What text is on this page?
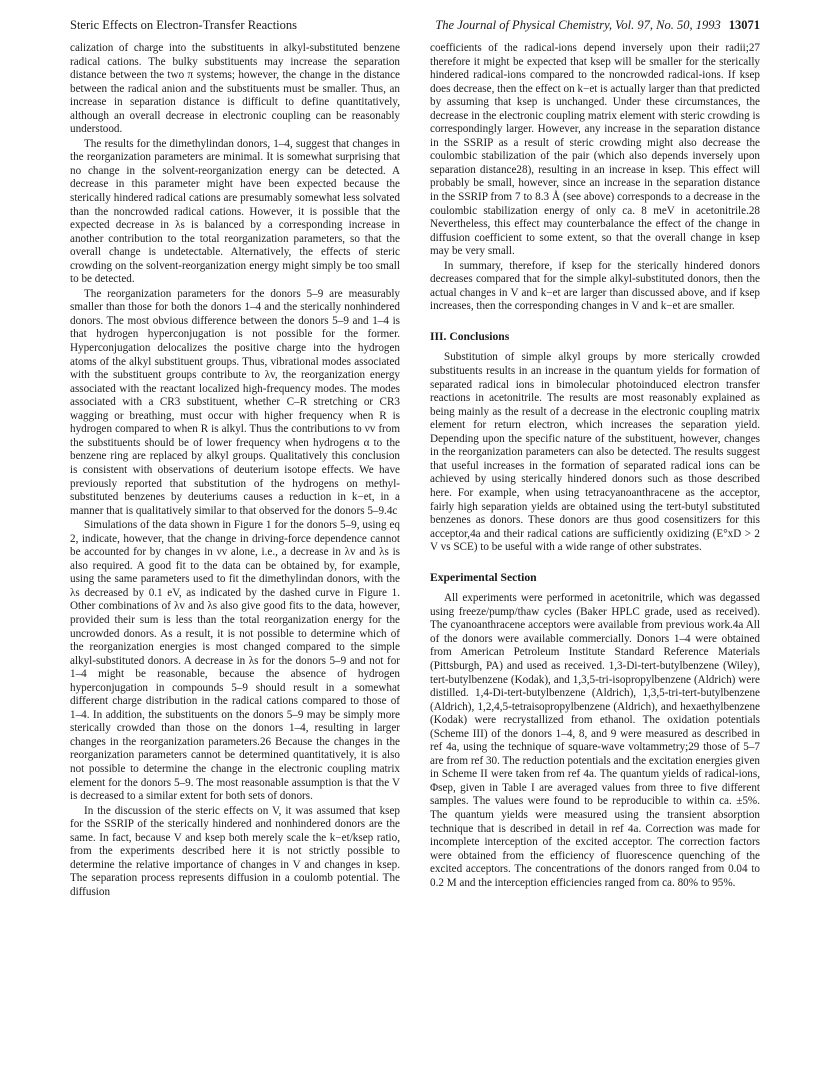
Steric Effects on Electron-Transfer Reactions	The Journal of Physical Chemistry, Vol. 97, No. 50, 1993 13071

calization of charge into the substituents in alkyl-substituted benzene radical cations. The bulky substituents may increase the separation distance between the two π systems; however, the change in the distance between the radical anion and the substituents must be smaller. Thus, an increase in separation distance is difficult to define quantitatively, although an overall decrease in electronic coupling can be reasonably understood.

The results for the dimethylindan donors, 1–4, suggest that changes in the reorganization parameters are minimal. It is somewhat surprising that no change in the solvent-reorganization energy can be detected. A decrease in this parameter might have been expected because the sterically hindered radical cations are presumably somewhat less solvated than the noncrowded radical cations. However, it is possible that the expected decrease in λs is balanced by a corresponding increase in another contribution to the total reorganization parameters, so that the overall change is undetectable. Alternatively, the effects of steric crowding on the solvent-reorganization energy might simply be too small to be detected.

The reorganization parameters for the donors 5–9 are measurably smaller than those for both the donors 1–4 and the sterically nonhindered donors. The most obvious difference between the donors 5–9 and 1–4 is that hydrogen hyperconjugation is not possible for the former. Hyperconjugation delocalizes the positive charge into the hydrogen atoms of the alkyl substituent groups. Thus, vibrational modes associated with the substituent groups contribute to λv, the reorganization energy associated with the reactant localized high-frequency modes. The modes associated with a CR3 substituent, whether C–R stretching or CR3 wagging or breathing, must occur with higher frequency when R is hydrogen compared to when R is alkyl. Thus the contributions to νv from the substituents should be of lower frequency when hydrogens α to the benzene ring are replaced by alkyl groups. Qualitatively this conclusion is consistent with observations of deuterium isotope effects. We have previously reported that substitution of the hydrogens on methyl-substituted benzenes by deuteriums causes a reduction in k−et, in a manner that is qualitatively similar to that observed for the donors 5–9.4c

Simulations of the data shown in Figure 1 for the donors 5–9, using eq 2, indicate, however, that the change in driving-force dependence cannot be accounted for by changes in νv alone, i.e., a decrease in λv and λs is also required. A good fit to the data can be obtained by, for example, using the same parameters used to fit the dimethylindan donors, with the λs decreased by 0.1 eV, as indicated by the dashed curve in Figure 1. Other combinations of λv and λs also give good fits to the data, however, provided their sum is less than the total reorganization energy for the uncrowded donors. As a result, it is not possible to determine which of the reorganization energies is most changed compared to the simple alkyl-substituted donors. A decrease in λs for the donors 5–9 and not for 1–4 might be reasonable, because the absence of hydrogen hyperconjugation in compounds 5–9 should result in a somewhat different charge distribution in the radical cations compared to those of 1–4. In addition, the substituents on the donors 5–9 may be simply more sterically crowded than those on the donors 1–4, resulting in larger changes in the reorganization parameters.26 Because the changes in the reorganization parameters cannot be determined quantitatively, it is also not possible to determine the change in the electronic coupling matrix element for the donors 5–9. The most reasonable assumption is that the V is decreased to a similar extent for both sets of donors.

In the discussion of the steric effects on V, it was assumed that ksep for the SSRIP of the sterically hindered and nonhindered donors are the same. In fact, because V and ksep both merely scale the k−et/ksep ratio, from the experiments described here it is not strictly possible to determine the relative importance of changes in V and changes in ksep. The separation process represents diffusion in a coulomb potential. The diffusion

coefficients of the radical-ions depend inversely upon their radii;27 therefore it might be expected that ksep will be smaller for the sterically hindered radical-ions compared to the noncrowded radical-ions. If ksep does decrease, then the effect on k−et is actually larger than that predicted by assuming that ksep is unchanged. Under these circumstances, the decrease in the electronic coupling matrix element with steric crowding is correspondingly larger. However, any increase in the separation distance in the SSRIP as a result of steric crowding might also decrease the coulombic stabilization of the pair (which also depends inversely upon separation distance28), resulting in an increase in ksep. This effect will probably be small, however, since an increase in the separation distance in the SSRIP from 7 to 8.3 Å (see above) corresponds to a decrease in the coulombic stabilization energy of only ca. 8 meV in acetonitrile.28 Nevertheless, this effect may counterbalance the effect of the change in diffusion coefficient to some extent, so that the overall change in ksep may be very small.

In summary, therefore, if ksep for the sterically hindered donors decreases compared that for the simple alkyl-substituted donors, then the actual changes in V and k−et are larger than discussed above, and if ksep increases, then the corresponding changes in V and k−et are smaller.

III. Conclusions

Substitution of simple alkyl groups by more sterically crowded substituents results in an increase in the quantum yields for formation of separated radical ions in bimolecular photoinduced electron transfer reactions in acetonitrile. The results are most reasonably explained as being mainly as the result of a decrease in the electronic coupling matrix element for return electron, which increases the separation yield. Depending upon the specific nature of the substituent, however, changes in the reorganization parameters can also be detected. The results suggest that useful increases in the formation of separated radical ions can be achieved by using sterically hindered donors such as those described here. For example, when using tetracyanoanthracene as the acceptor, fairly high separation yields are obtained using the tert-butyl substituted benzenes as donors. These donors are thus good cosensitizers for this acceptor,4a and their radical cations are sufficiently oxidizing (E°xD > 2 V vs SCE) to be useful with a wide range of other substrates.

Experimental Section

All experiments were performed in acetonitrile, which was degassed using freeze/pump/thaw cycles (Baker HPLC grade, used as received). The cyanoanthracene acceptors were available from previous work.4a All of the donors were available commercially. Donors 1–4 were obtained from American Petroleum Institute Standard Reference Materials (Pittsburgh, PA) and used as received. 1,3-Di-tert-butylbenzene (Wiley), tert-butylbenzene (Kodak), and 1,3,5-tri-isopropylbenzene (Aldrich) were distilled. 1,4-Di-tert-butylbenzene (Aldrich), 1,3,5-tri-tert-butylbenzene (Aldrich), 1,2,4,5-tetraisopropylbenzene (Aldrich), and hexaethylbenzene (Kodak) were recrystallized from ethanol. The oxidation potentials (Scheme III) of the donors 1–4, 8, and 9 were measured as described in ref 4a, using the technique of square-wave voltammetry;29 those of 5–7 are from ref 30. The reduction potentials and the excitation energies given in Scheme II were taken from ref 4a. The quantum yields of radical-ions, Φsep, given in Table I are averaged values from three to five different samples. The values were found to be reproducible to within ca. ±5%. The quantum yields were measured using the transient absorption technique that is described in detail in ref 4a. Correction was made for incomplete interception of the excited acceptor. The correction factors were obtained from the efficiency of fluorescence quenching of the excited acceptors. The concentrations of the donors ranged from 0.04 to 0.2 M and the interception efficiencies ranged from ca. 80% to 95%.
